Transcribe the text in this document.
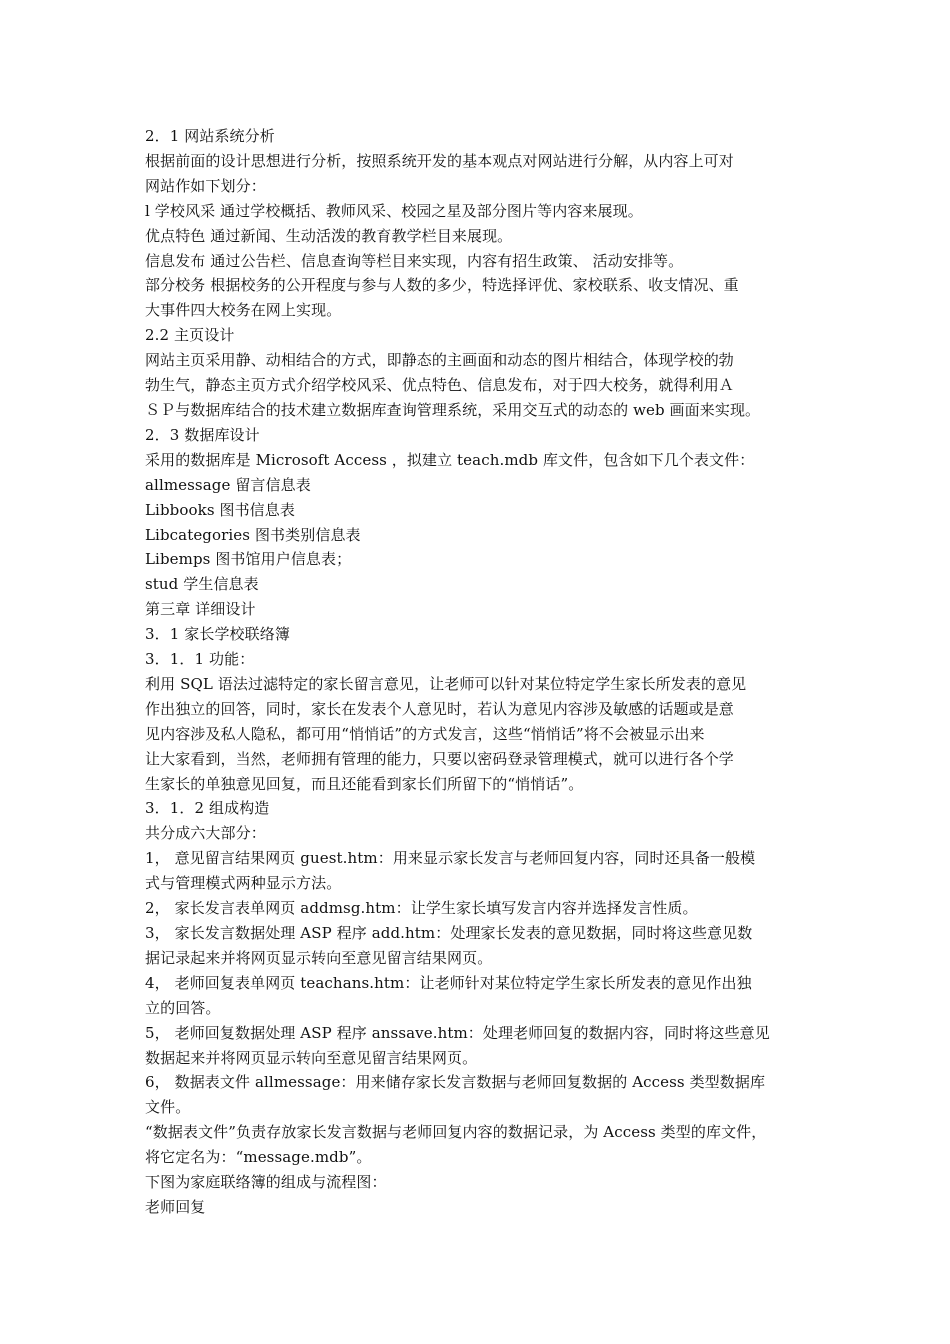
2．1 网站系统分析
根据前面的设计思想进行分析，按照系统开发的基本观点对网站进行分解，从内容上可对
网站作如下划分：
l 学校风采 通过学校概括、教师风采、校园之星及部分图片等内容来展现。
优点特色 通过新闻、生动活泼的教育教学栏目来展现。
信息发布 通过公告栏、信息查询等栏目来实现，内容有招生政策、 活动安排等。
部分校务 根据校务的公开程度与参与人数的多少，特选择评优、家校联系、收支情况、重
大事件四大校务在网上实现。
2.2 主页设计
网站主页采用静、动相结合的方式，即静态的主画面和动态的图片相结合，体现学校的勃
勃生气，静态主页方式介绍学校风采、优点特色、信息发布，对于四大校务，就得利用Ａ
ＳＰ与数据库结合的技术建立数据库查询管理系统，采用交互式的动态的 web 画面来实现。
2．3 数据库设计
采用的数据库是 Microsoft Access ，拟建立 teach.mdb 库文件，包含如下几个表文件：
allmessage 留言信息表
Libbooks 图书信息表
Libcategories 图书类别信息表
Libemps 图书馆用户信息表；
stud 学生信息表
第三章 详细设计
3．1 家长学校联络簿
3．1．1 功能：
利用 SQL 语法过滤特定的家长留言意见，让老师可以针对某位特定学生家长所发表的意见
作出独立的回答，同时，家长在发表个人意见时，若认为意见内容涉及敏感的话题或是意
见内容涉及私人隐私，都可用“悄悄话”的方式发言，这些“悄悄话”将不会被显示出来
让大家看到，当然，老师拥有管理的能力，只要以密码登录管理模式，就可以进行各个学
生家长的单独意见回复，而且还能看到家长们所留下的“悄悄话”。
3．1．2 组成构造
共分成六大部分：
1， 意见留言结果网页 guest.htm：用来显示家长发言与老师回复内容，同时还具备一般模
式与管理模式两种显示方法。
2， 家长发言表单网页 addmsg.htm：让学生家长填写发言内容并选择发言性质。
3， 家长发言数据处理 ASP 程序 add.htm：处理家长发表的意见数据，同时将这些意见数
据记录起来并将网页显示转向至意见留言结果网页。
4， 老师回复表单网页 teachans.htm：让老师针对某位特定学生家长所发表的意见作出独
立的回答。
5， 老师回复数据处理 ASP 程序 anssave.htm：处理老师回复的数据内容，同时将这些意见
数据起来并将网页显示转向至意见留言结果网页。
6， 数据表文件 allmessage：用来储存家长发言数据与老师回复数据的 Access 类型数据库
文件。
“数据表文件”负责存放家长发言数据与老师回复内容的数据记录，为 Access 类型的库文件，
将它定名为：“message.mdb”。
下图为家庭联络簿的组成与流程图：
老师回复
